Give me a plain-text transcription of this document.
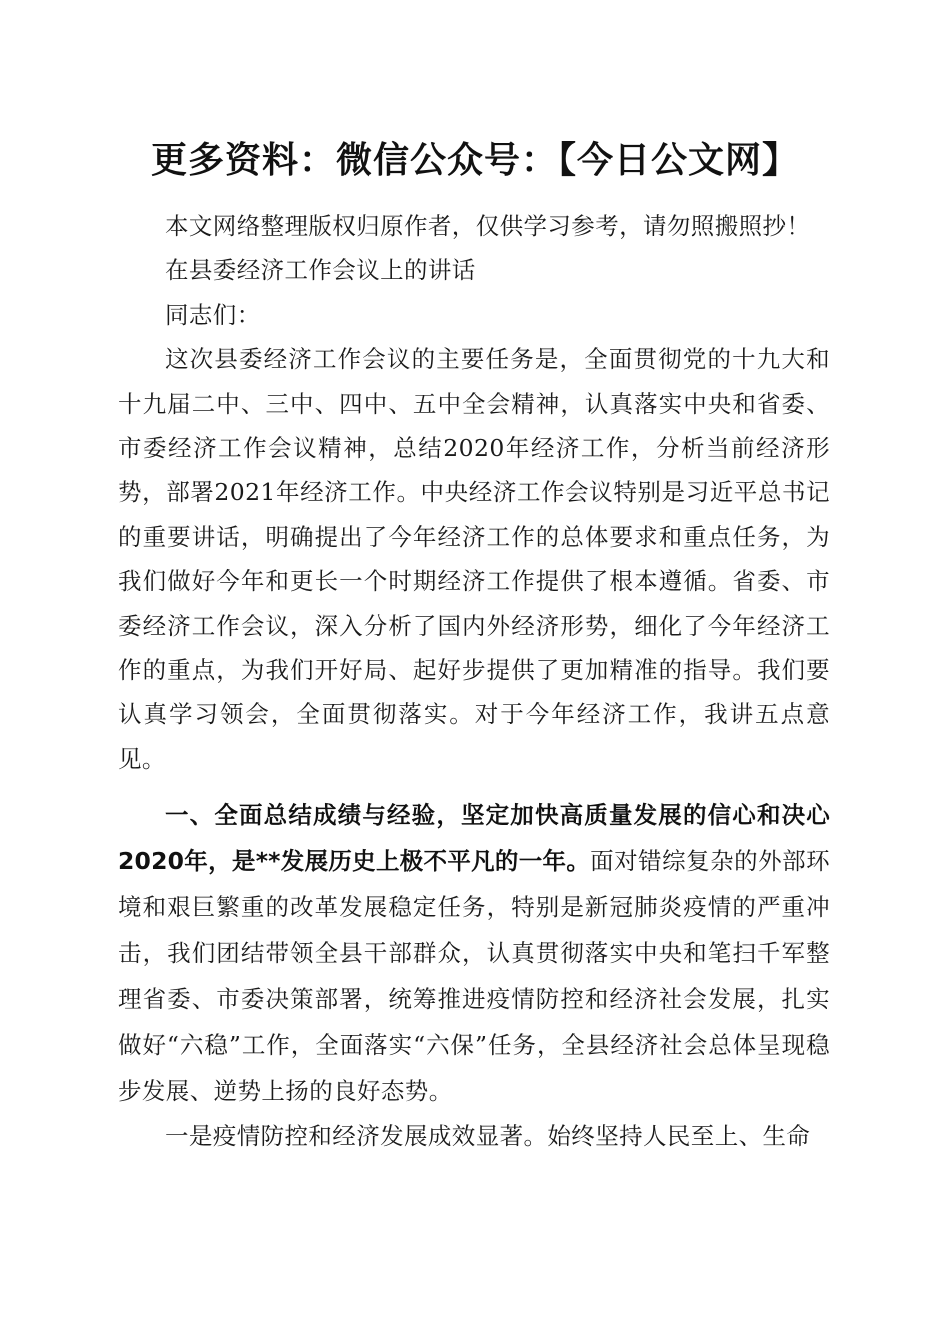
更多资料：微信公众号：【今日公文网】

本文网络整理版权归原作者，仅供学习参考，请勿照搬照抄！

在县委经济工作会议上的讲话

同志们：

这次县委经济工作会议的主要任务是，全面贯彻党的十九大和十九届二中、三中、四中、五中全会精神，认真落实中央和省委、市委经济工作会议精神，总结2020年经济工作，分析当前经济形势，部署2021年经济工作。中央经济工作会议特别是习近平总书记的重要讲话，明确提出了今年经济工作的总体要求和重点任务，为我们做好今年和更长一个时期经济工作提供了根本遵循。省委、市委经济工作会议，深入分析了国内外经济形势，细化了今年经济工作的重点，为我们开好局、起好步提供了更加精准的指导。我们要认真学习领会，全面贯彻落实。对于今年经济工作，我讲五点意见。

一、全面总结成绩与经验，坚定加快高质量发展的信心和决心2020年，是**发展历史上极不平凡的一年。面对错综复杂的外部环境和艰巨繁重的改革发展稳定任务，特别是新冠肺炎疫情的严重冲击，我们团结带领全县干部群众，认真贯彻落实中央和笔扫千军整理省委、市委决策部署，统筹推进疫情防控和经济社会发展，扎实做好“六稳”工作，全面落实“六保”任务，全县经济社会总体呈现稳步发展、逆势上扬的良好态势。

一是疫情防控和经济发展成效显著。始终坚持人民至上、生命
